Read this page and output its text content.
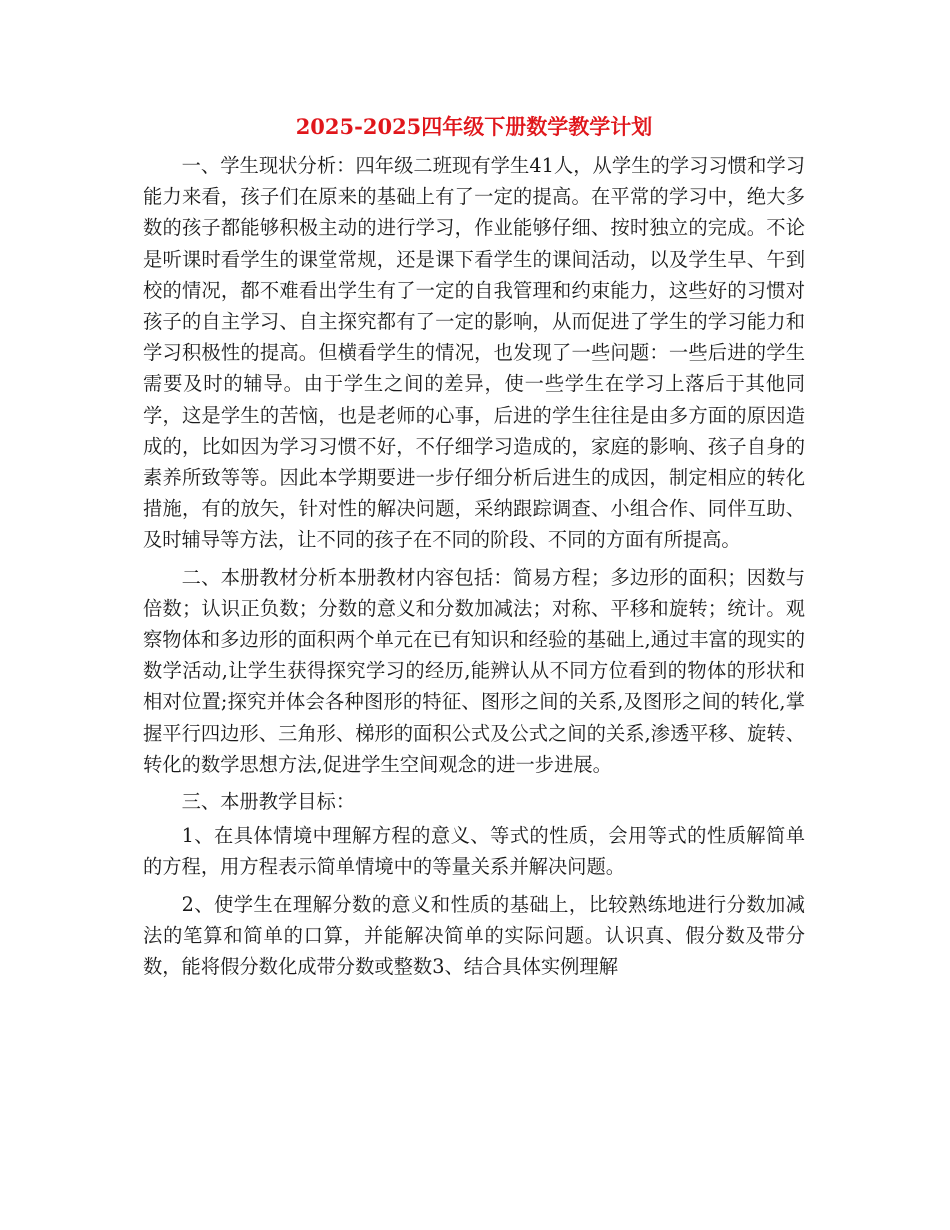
2025-2025四年级下册数学教学计划

一、学生现状分析：四年级二班现有学生41人，从学生的学习习惯和学习能力来看，孩子们在原来的基础上有了一定的提高。在平常的学习中，绝大多数的孩子都能够积极主动的进行学习，作业能够仔细、按时独立的完成。不论是听课时看学生的课堂常规，还是课下看学生的课间活动，以及学生早、午到校的情况，都不难看出学生有了一定的自我管理和约束能力，这些好的习惯对孩子的自主学习、自主探究都有了一定的影响，从而促进了学生的学习能力和学习积极性的提高。但横看学生的情况，也发现了一些问题：一些后进的学生需要及时的辅导。由于学生之间的差异，使一些学生在学习上落后于其他同学，这是学生的苦恼，也是老师的心事，后进的学生往往是由多方面的原因造成的，比如因为学习习惯不好，不仔细学习造成的，家庭的影响、孩子自身的素养所致等等。因此本学期要进一步仔细分析后进生的成因，制定相应的转化措施，有的放矢，针对性的解决问题，采纳跟踪调查、小组合作、同伴互助、及时辅导等方法，让不同的孩子在不同的阶段、不同的方面有所提高。

二、本册教材分析本册教材内容包括：简易方程；多边形的面积；因数与倍数；认识正负数；分数的意义和分数加减法；对称、平移和旋转；统计。观察物体和多边形的面积两个单元在已有知识和经验的基础上,通过丰富的现实的数学活动,让学生获得探究学习的经历,能辨认从不同方位看到的物体的形状和相对位置;探究并体会各种图形的特征、图形之间的关系,及图形之间的转化,掌握平行四边形、三角形、梯形的面积公式及公式之间的关系,渗透平移、旋转、转化的数学思想方法,促进学生空间观念的进一步进展。

三、本册教学目标：

1、在具体情境中理解方程的意义、等式的性质，会用等式的性质解简单的方程，用方程表示简单情境中的等量关系并解决问题。

2、使学生在理解分数的意义和性质的基础上，比较熟练地进行分数加减法的笔算和简单的口算，并能解决简单的实际问题。认识真、假分数及带分数，能将假分数化成带分数或整数3、结合具体实例理解
